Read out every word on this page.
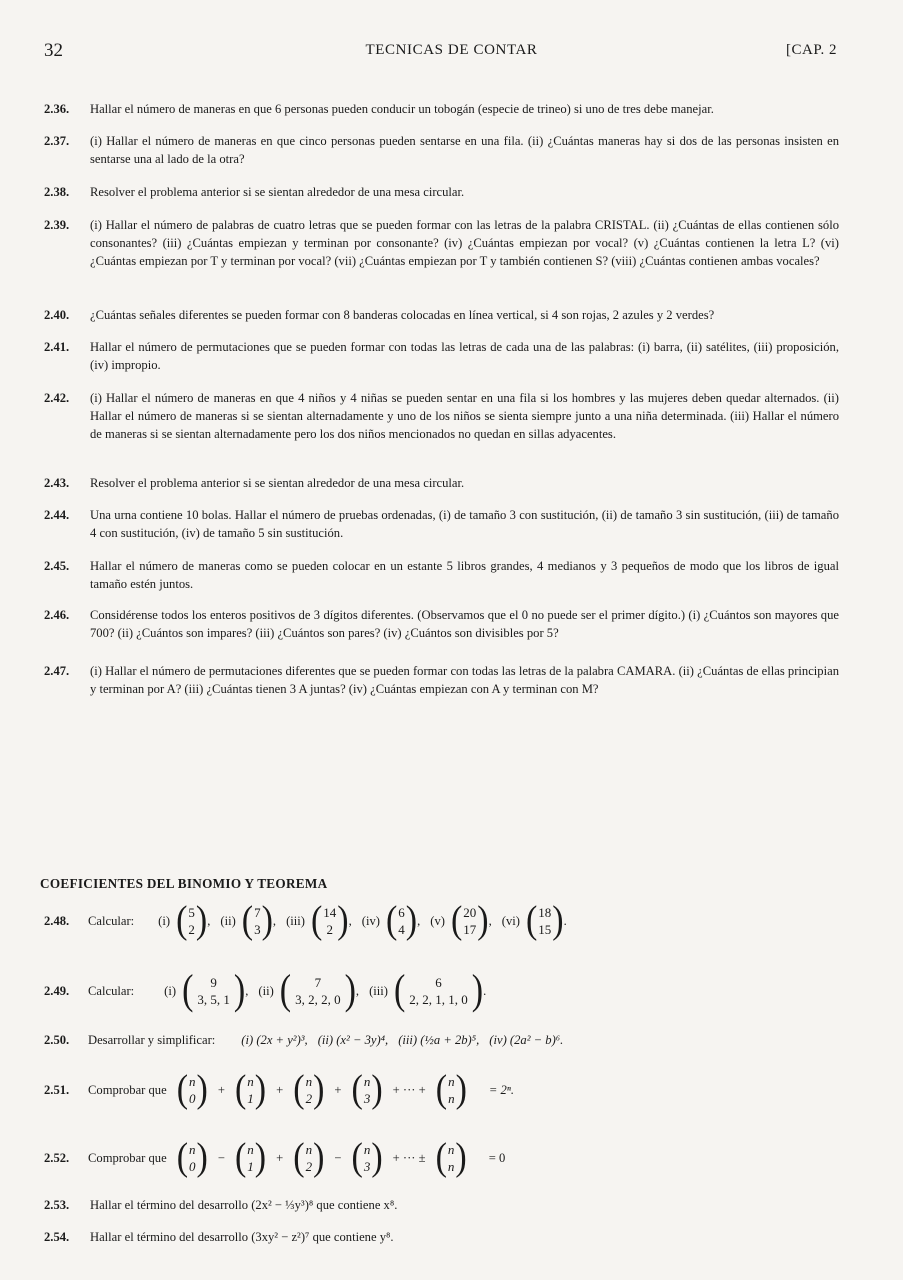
32	TECNICAS DE CONTAR	[CAP. 2
2.36.	Hallar el número de maneras en que 6 personas pueden conducir un tobogán (especie de trineo) si uno de tres debe manejar.
2.37.	(i) Hallar el número de maneras en que cinco personas pueden sentarse en una fila. (ii) ¿Cuántas maneras hay si dos de las personas insisten en sentarse una al lado de la otra?
2.38.	Resolver el problema anterior si se sientan alrededor de una mesa circular.
2.39.	(i) Hallar el número de palabras de cuatro letras que se pueden formar con las letras de la palabra CRISTAL. (ii) ¿Cuántas de ellas contienen sólo consonantes? (iii) ¿Cuántas empiezan y terminan por consonante? (iv) ¿Cuántas empiezan por vocal? (v) ¿Cuántas contienen la letra L? (vi) ¿Cuántas empiezan por T y terminan por vocal? (vii) ¿Cuántas empiezan por T y también contienen S? (viii) ¿Cuántas contienen ambas vocales?
2.40.	¿Cuántas señales diferentes se pueden formar con 8 banderas colocadas en línea vertical, si 4 son rojas, 2 azules y 2 verdes?
2.41.	Hallar el número de permutaciones que se pueden formar con todas las letras de cada una de las palabras: (i) barra, (ii) satélites, (iii) proposición, (iv) impropio.
2.42.	(i) Hallar el número de maneras en que 4 niños y 4 niñas se pueden sentar en una fila si los hombres y las mujeres deben quedar alternados. (ii) Hallar el número de maneras si se sientan alternadamente y uno de los niños se sienta siempre junto a una niña determinada. (iii) Hallar el número de maneras si se sientan alternadamente pero los dos niños mencionados no quedan en sillas adyacentes.
2.43.	Resolver el problema anterior si se sientan alrededor de una mesa circular.
2.44.	Una urna contiene 10 bolas. Hallar el número de pruebas ordenadas, (i) de tamaño 3 con sustitución, (ii) de tamaño 3 sin sustitución, (iii) de tamaño 4 con sustitución, (iv) de tamaño 5 sin sustitución.
2.45.	Hallar el número de maneras como se pueden colocar en un estante 5 libros grandes, 4 medianos y 3 pequeños de modo que los libros de igual tamaño estén juntos.
2.46.	Considérense todos los enteros positivos de 3 dígitos diferentes. (Observamos que el 0 no puede ser el primer dígito.) (i) ¿Cuántos son mayores que 700? (ii) ¿Cuántos son impares? (iii) ¿Cuántos son pares? (iv) ¿Cuántos son divisibles por 5?
2.47.	(i) Hallar el número de permutaciones diferentes que se pueden formar con todas las letras de la palabra CAMARA. (ii) ¿Cuántas de ellas principian y terminan por A? (iii) ¿Cuántas tienen 3 A juntas? (iv) ¿Cuántas empiezan con A y terminan con M?
COEFICIENTES DEL BINOMIO Y TEOREMA
2.48.	Calcular: (i) ( 5
2 ) , (ii) ( 7
3 ) , (iii) ( 14
2 ) , (iv) ( 6
4 ) , (v) ( 20
17 ) , (vi) ( 18
15 ) .
2.49.	Calcular: (i) ( 9
3, 5, 1 ) , (ii) ( 7
3, 2, 2, 0 ) , (iii) ( 6
2, 2, 1, 1, 0 ) .
2.50.	Desarrollar y simplificar: (i) (2x + y²)³, (ii) (x² − 3y)⁴, (iii) (½a + 2b)⁵, (iv) (2a² − b)⁶.
2.51.	Comprobar que ( n
0 ) + ( n
1 ) + ( n
2 ) + ( n
3 ) + ··· + ( n
n ) = 2ⁿ.
2.52.	Comprobar que ( n
0 ) − ( n
1 ) + ( n
2 ) − ( n
3 ) + ··· ± ( n
n ) = 0
2.53.	Hallar el término del desarrollo (2x² − ⅓y³)⁸ que contiene x⁸.
2.54.	Hallar el término del desarrollo (3xy² − z²)⁷ que contiene y⁸.
